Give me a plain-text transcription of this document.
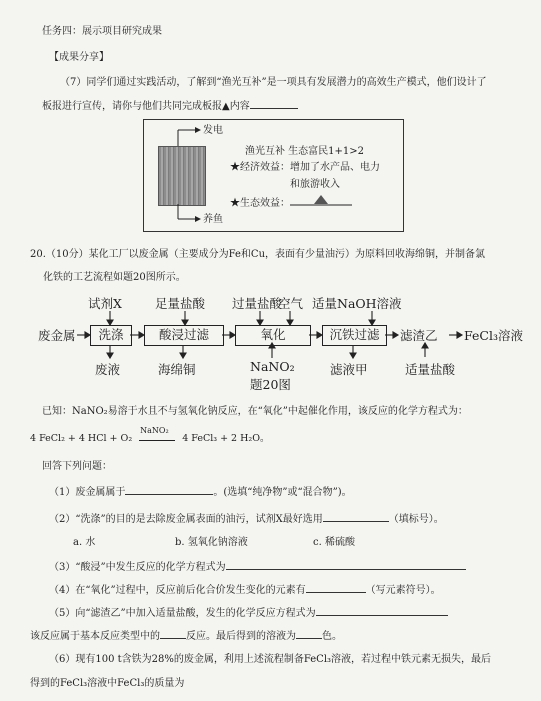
任务四：展示项目研究成果
【成果分享】
（7）同学们通过实践活动，了解到“渔光互补”是一项具有发展潜力的高效生产模式，他们设计了
板报进行宣传，请你与他们共同完成板报▲内容
发电
养鱼
渔光互补 生态富民1+1>2
★经济效益：增加了水产品、电力
和旅游收入
★生态效益：
20.（10分）某化工厂以废金属（主要成分为Fe和Cu，表面有少量油污）为原料回收海绵铜，并制备氯
化铁的工艺流程如题20图所示。
试剂X	足量盐酸 过量盐酸
空气 适量NaOH溶液
废金属	洗涤	酸浸过滤	氧化	沉铁过滤	滤渣乙 FeCl₃溶液
废液	海绵铜	NaNO₂
题20图
滤液甲	适量盐酸
已知：NaNO₂易溶于水且不与氢氧化钠反应，在“氧化”中起催化作用，该反应的化学方程式为：
4 FeCl₂ + 4 HCl + O₂
NaNO₂
4 FeCl₃ + 2 H₂O。
回答下列问题：
（1）废金属属于	。(选填“纯净物”或“混合物”)。
（2）“洗涤”的目的是去除废金属表面的油污，试剂X最好选用	（填标号）。
a. 水	b. 氢氧化钠溶液	c. 稀硫酸
（3）“酸浸”中发生反应的化学方程式为
（4）在“氧化”过程中，反应前后化合价发生变化的元素有	（写元素符号）。
（5）向“滤渣乙”中加入适量盐酸，发生的化学反应方程式为
该反应属于基本反应类型中的	反应。最后得到的溶液为	色。
（6）现有100 t含铁为28%的废金属，利用上述流程制备FeCl₃溶液，若过程中铁元素无损失，最后
得到的FeCl₃溶液中FeCl₃的质量为
